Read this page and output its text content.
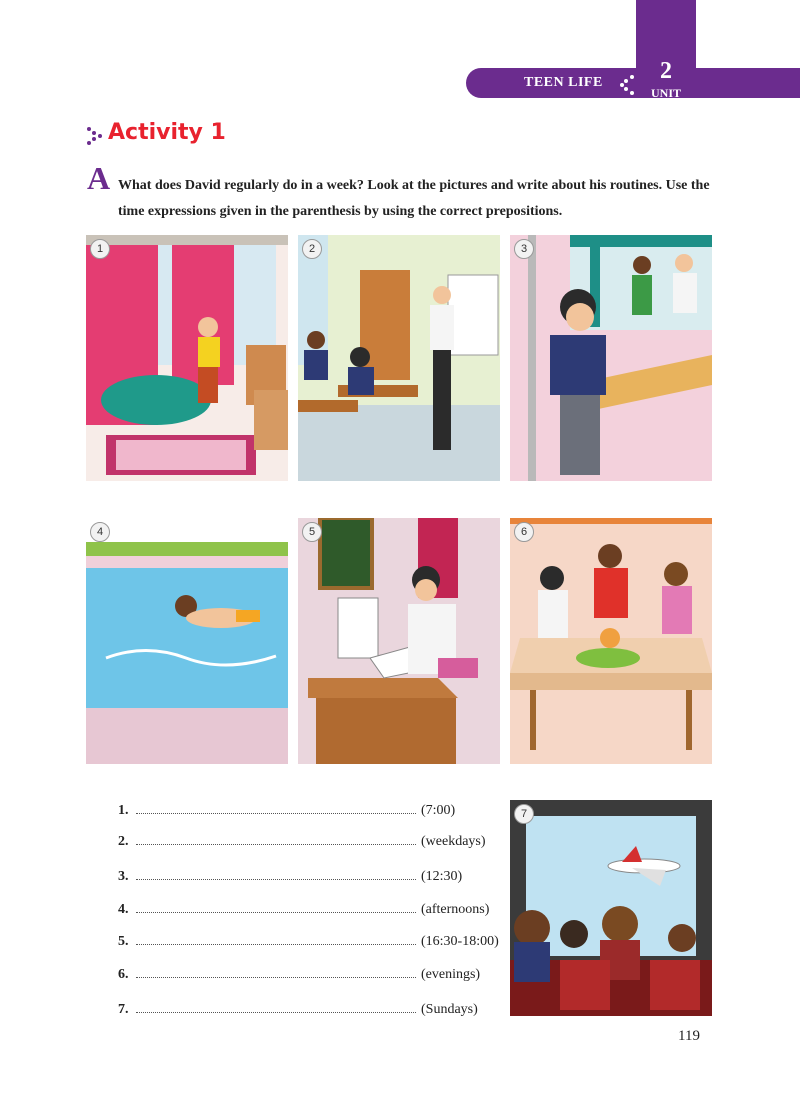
TEEN LIFE	2
UNIT
Activity 1
A What does David regularly do in a week? Look at the pictures and write about his routines. Use the time expressions given in the parenthesis by using the correct prepositions.
1	2	3
4	5	6
7
1.	(7:00)
2.	(weekdays)
3.	(12:30)
4.	(afternoons)
5.	(16:30-18:00)
6.	(evenings)
7.	(Sundays)
119
